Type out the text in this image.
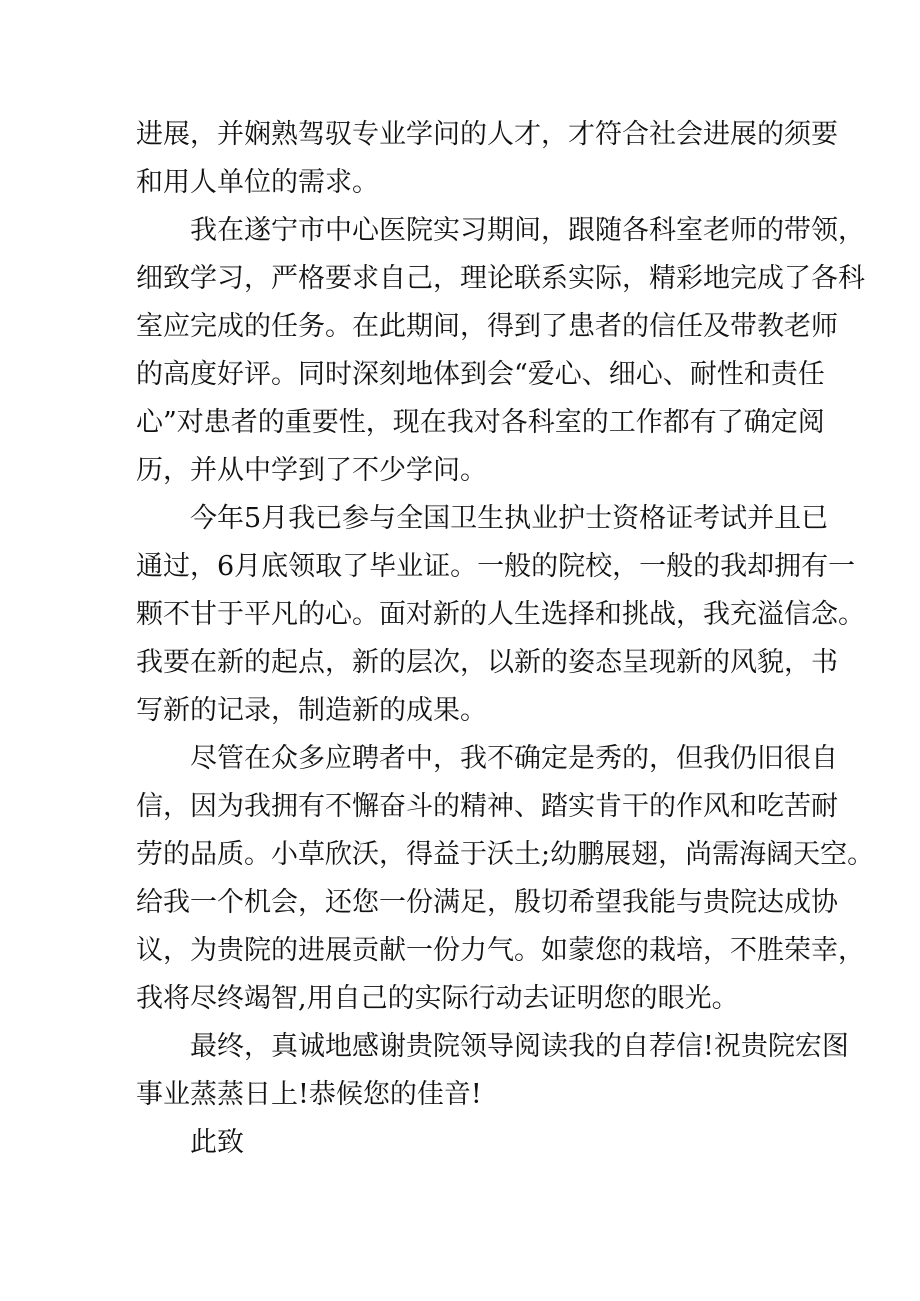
进展，并娴熟驾驭专业学问的人才，才符合社会进展的须要

和用人单位的需求。

我在遂宁市中心医院实习期间，跟随各科室老师的带领，

细致学习，严格要求自己，理论联系实际，精彩地完成了各科

室应完成的任务。在此期间，得到了患者的信任及带教老师

的高度好评。同时深刻地体到会“爱心、细心、耐性和责任

心”对患者的重要性，现在我对各科室的工作都有了确定阅

历，并从中学到了不少学问。

今年5月我已参与全国卫生执业护士资格证考试并且已

通过，6月底领取了毕业证。一般的院校，一般的我却拥有一

颗不甘于平凡的心。面对新的人生选择和挑战，我充溢信念。

我要在新的起点，新的层次，以新的姿态呈现新的风貌，书

写新的记录，制造新的成果。

尽管在众多应聘者中，我不确定是秀的，但我仍旧很自

信，因为我拥有不懈奋斗的精神、踏实肯干的作风和吃苦耐

劳的品质。小草欣沃，得益于沃土;幼鹏展翅，尚需海阔天空。

给我一个机会，还您一份满足，殷切希望我能与贵院达成协

议，为贵院的进展贡献一份力气。如蒙您的栽培，不胜荣幸，

我将尽终竭智,用自己的实际行动去证明您的眼光。

最终，真诚地感谢贵院领导阅读我的自荐信!祝贵院宏图

事业蒸蒸日上!恭候您的佳音!

此致
